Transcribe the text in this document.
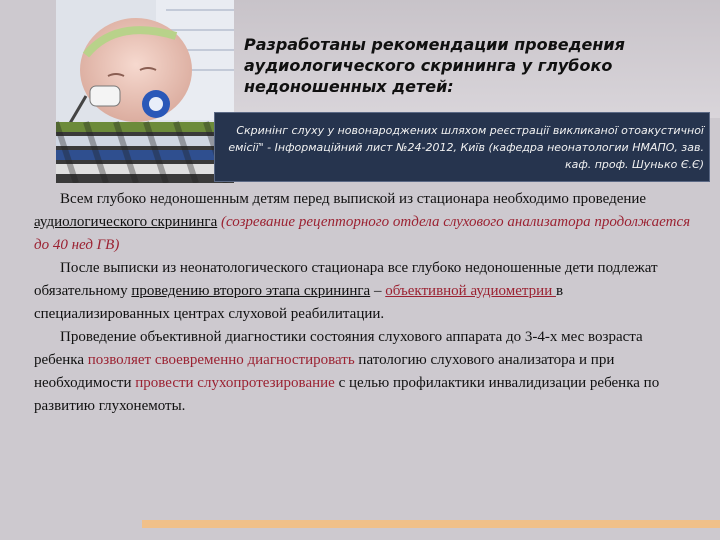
Разработаны рекомендации проведения аудиологического скрининга у глубоко недоношенных детей:
Скринінг слуху у новонароджених шляхом реєстрації викликаної отоакустичної емісії" - Інформаційний лист №24-2012, Київ (кафедра неонатологии НМАПО, зав. каф. проф. Шунько Є.Є)

Всем глубоко недоношенным детям перед выпиской из стационара необходимо проведение аудиологического скрининга (созревание рецепторного отдела слухового анализатора продолжается до 40 нед ГВ)

После выписки из неонатологического стационара все глубоко недоношенные дети подлежат обязательному проведению второго этапа скрининга – объективной аудиометрии в специализированных центрах слуховой реабилитации.

Проведение объективной диагностики состояния слухового аппарата до 3-4-х мес возраста ребенка позволяет своевременно диагностировать патологию слухового анализатора и при необходимости провести слухопротезирование с целью профилактики инвалидизации ребенка по развитию глухонемоты.
